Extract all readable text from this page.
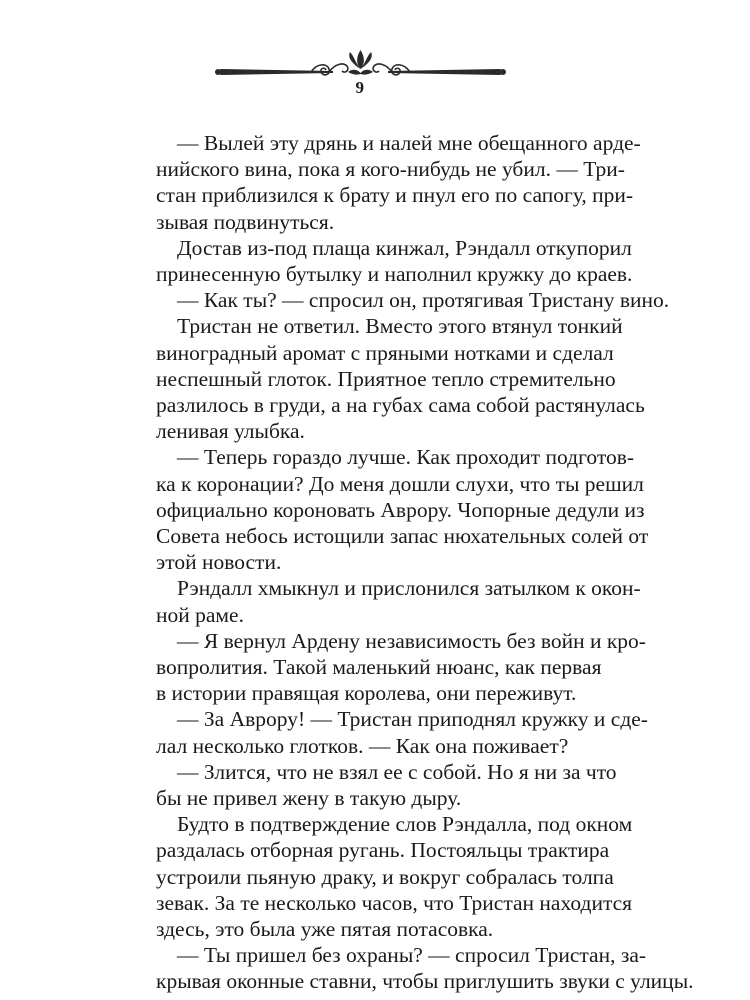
9
— Вылей эту дрянь и налей мне обещанного арде-
нийского вина, пока я кого-нибудь не убил. — Три-
стан приблизился к брату и пнул его по сапогу, при-
зывая подвинуться.
Достав из-под плаща кинжал, Рэндалл откупорил
принесенную бутылку и наполнил кружку до краев.
— Как ты? — спросил он, протягивая Тристану вино.
Тристан не ответил. Вместо этого втянул тонкий
виноградный аромат с пряными нотками и сделал
неспешный глоток. Приятное тепло стремительно
разлилось в груди, а на губах сама собой растянулась
ленивая улыбка.
— Теперь гораздо лучше. Как проходит подготов-
ка к коронации? До меня дошли слухи, что ты решил
официально короновать Аврору. Чопорные дедули из
Совета небось истощили запас нюхательных солей от
этой новости.
Рэндалл хмыкнул и прислонился затылком к окон-
ной раме.
— Я вернул Ардену независимость без войн и кро-
вопролития. Такой маленький нюанс, как первая
в истории правящая королева, они переживут.
— За Аврору! — Тристан приподнял кружку и сде-
лал несколько глотков. — Как она поживает?
— Злится, что не взял ее с собой. Но я ни за что
бы не привел жену в такую дыру.
Будто в подтверждение слов Рэндалла, под окном
раздалась отборная ругань. Постояльцы трактира
устроили пьяную драку, и вокруг собралась толпа
зевак. За те несколько часов, что Тристан находится
здесь, это была уже пятая потасовка.
— Ты пришел без охраны? — спросил Тристан, за-
крывая оконные ставни, чтобы приглушить звуки с улицы.
